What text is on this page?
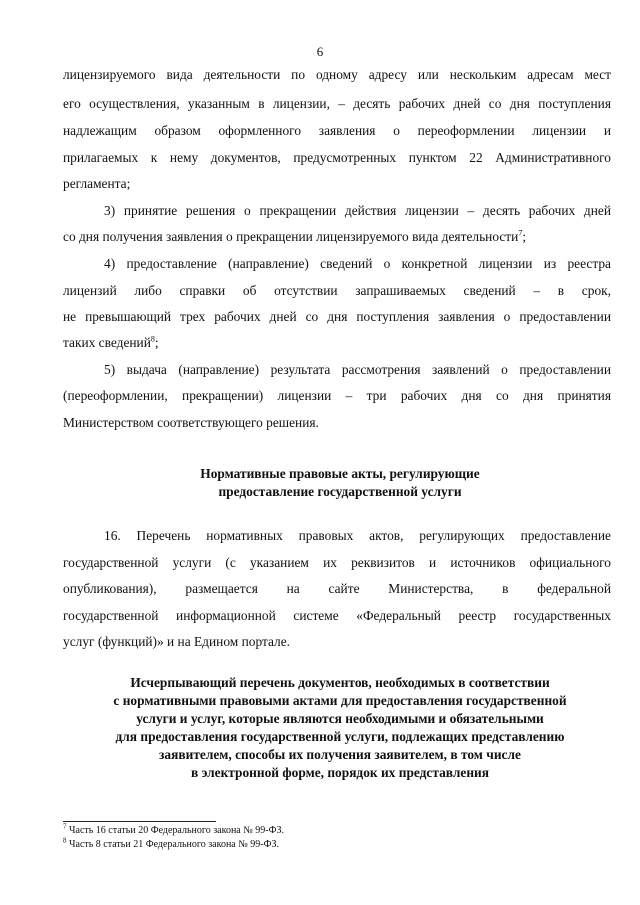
6
лицензируемого вида деятельности по одному адресу или нескольким адресам мест
его осуществления, указанным в лицензии, – десять рабочих дней со дня поступления
надлежащим образом оформленного заявления о переоформлении лицензии и
прилагаемых к нему документов, предусмотренных пунктом 22 Административного
регламента;
3) принятие решения о прекращении действия лицензии – десять рабочих дней
со дня получения заявления о прекращении лицензируемого вида деятельности$^7$;
4) предоставление (направление) сведений о конкретной лицензии из реестра
лицензий либо справки об отсутствии запрашиваемых сведений – в срок,
не превышающий трех рабочих дней со дня поступления заявления о предоставлении
таких сведений$^8$;
5) выдача (направление) результата рассмотрения заявлений о предоставлении
(переоформлении, прекращении) лицензии – три рабочих дня со дня принятия
Министерством соответствующего решения.
Нормативные правовые акты, регулирующие
предоставление государственной услуги
16. Перечень нормативных правовых актов, регулирующих предоставление
государственной услуги (с указанием их реквизитов и источников официального
опубликования), размещается на сайте Министерства, в федеральной
государственной информационной системе «Федеральный реестр государственных
услуг (функций)» и на Едином портале.
Исчерпывающий перечень документов, необходимых в соответствии
с нормативными правовыми актами для предоставления государственной
услуги и услуг, которые являются необходимыми и обязательными
для предоставления государственной услуги, подлежащих представлению
заявителем, способы их получения заявителем, в том числе
в электронной форме, порядок их представления
$^7$ Часть 16 статьи 20 Федерального закона № 99-ФЗ.
$^8$ Часть 8 статьи 21 Федерального закона № 99-ФЗ.
